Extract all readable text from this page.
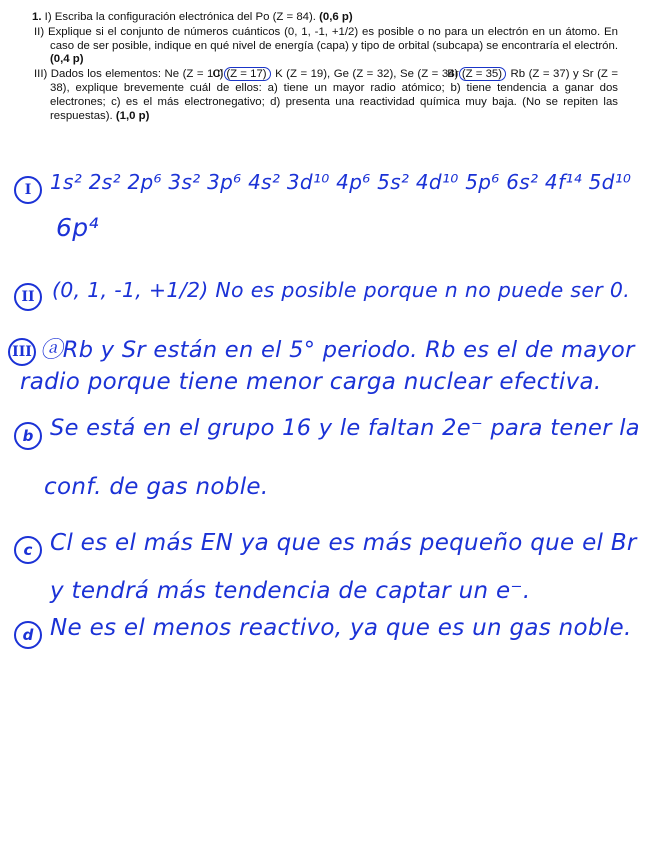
1. I) Escriba la configuración electrónica del Po (Z = 84). (0,6 p)

II) Explique si el conjunto de números cuánticos (0, 1, -1, +1/2) es posible o no para un electrón en un átomo. En caso de ser posible, indique en qué nivel de energía (capa) y tipo de orbital (subcapa) se encontraría el electrón. (0,4 p)

III) Dados los elementos: Ne (Z = 10)Cl (Z = 17) K (Z = 19), Ge (Z = 32), Se (Z = 34)Br (Z = 35) Rb (Z = 37) y Sr (Z = 38), explique brevemente cuál de ellos: a) tiene un mayor radio atómico; b) tiene tendencia a ganar dos electrones; c) es el más electronegativo; d) presenta una reactividad química muy baja. (No se repiten las respuestas). (1,0 p)

I 1s² 2s² 2p⁶ 3s² 3p⁶ 4s² 3d¹⁰ 4p⁶ 5s² 4d¹⁰ 5p⁶ 6s² 4f¹⁴ 5d¹⁰
6p⁴
II (0, 1, -1, +1/2) No es posible porque n no puede ser 0.
III ⓐRb y Sr están en el 5° periodo. Rb es el de mayor
radio porque tiene menor carga nuclear efectiva.
b Se está en el grupo 16 y le faltan 2e⁻ para tener la
conf. de gas noble.
c Cl es el más EN ya que es más pequeño que el Br
y tendrá más tendencia de captar un e⁻.
d Ne es el menos reactivo, ya que es un gas noble.
